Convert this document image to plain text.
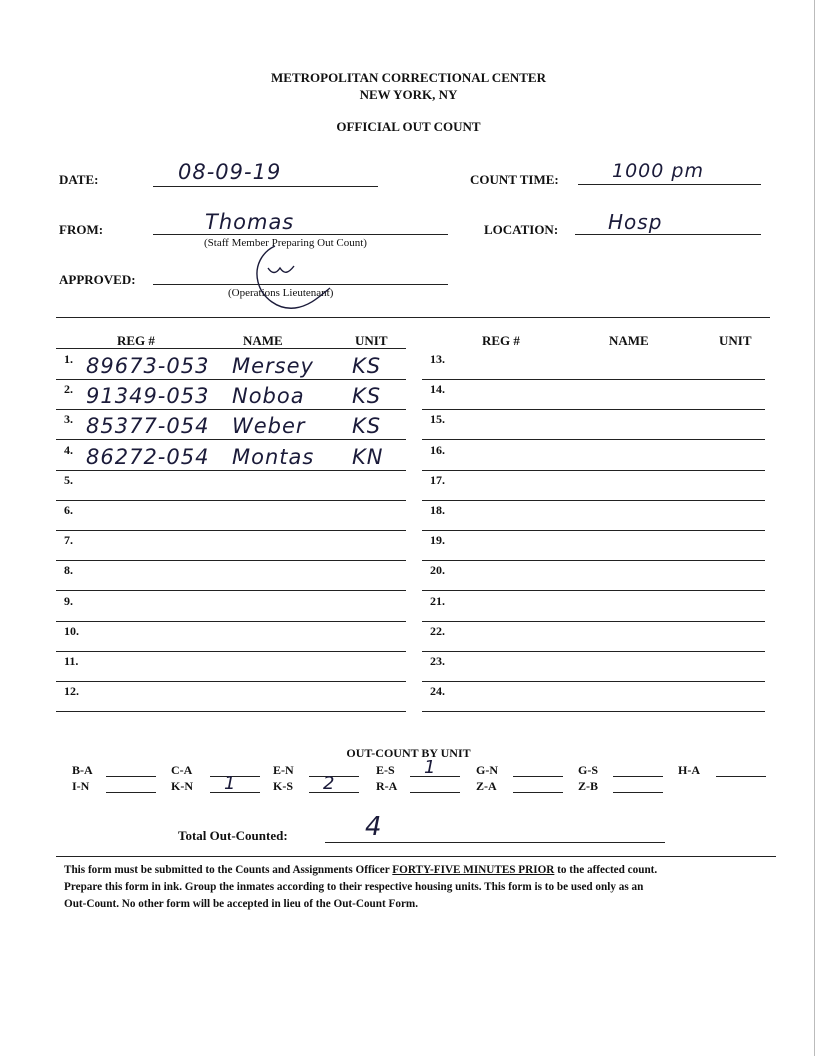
METROPOLITAN CORRECTIONAL CENTER
NEW YORK, NY
OFFICIAL OUT COUNT
DATE:	08-09-19	COUNT TIME:	1000 pm
FROM:	Thomas
(Staff Member Preparing Out Count)
LOCATION: Hosp
APPROVED:
(Operations Lieutenant)
REG #	NAME	UNIT	REG #	NAME	UNIT
1. 89673-053 Mersey KS
2. 91349-053 Noboa KS
3. 85377-054 Weber KS
4. 86272-054 Montas KN
5.
6.
7.
8.
9.
10.
11.
12.
13.
14.
15.
16.
17.
18.
19.
20.
21.
22.
23.
24.
OUT-COUNT BY UNIT
B-A	C-A	E-N	E-S 1	G-N	G-S	H-A
I-N	K-N 1	K-S 2	R-A	Z-A	Z-B
Total Out-Counted:	4
This form must be submitted to the Counts and Assignments Officer FORTY-FIVE MINUTES PRIOR to the affected count.
Prepare this form in ink. Group the inmates according to their respective housing units. This form is to be used only as an
Out-Count. No other form will be accepted in lieu of the Out-Count Form.
